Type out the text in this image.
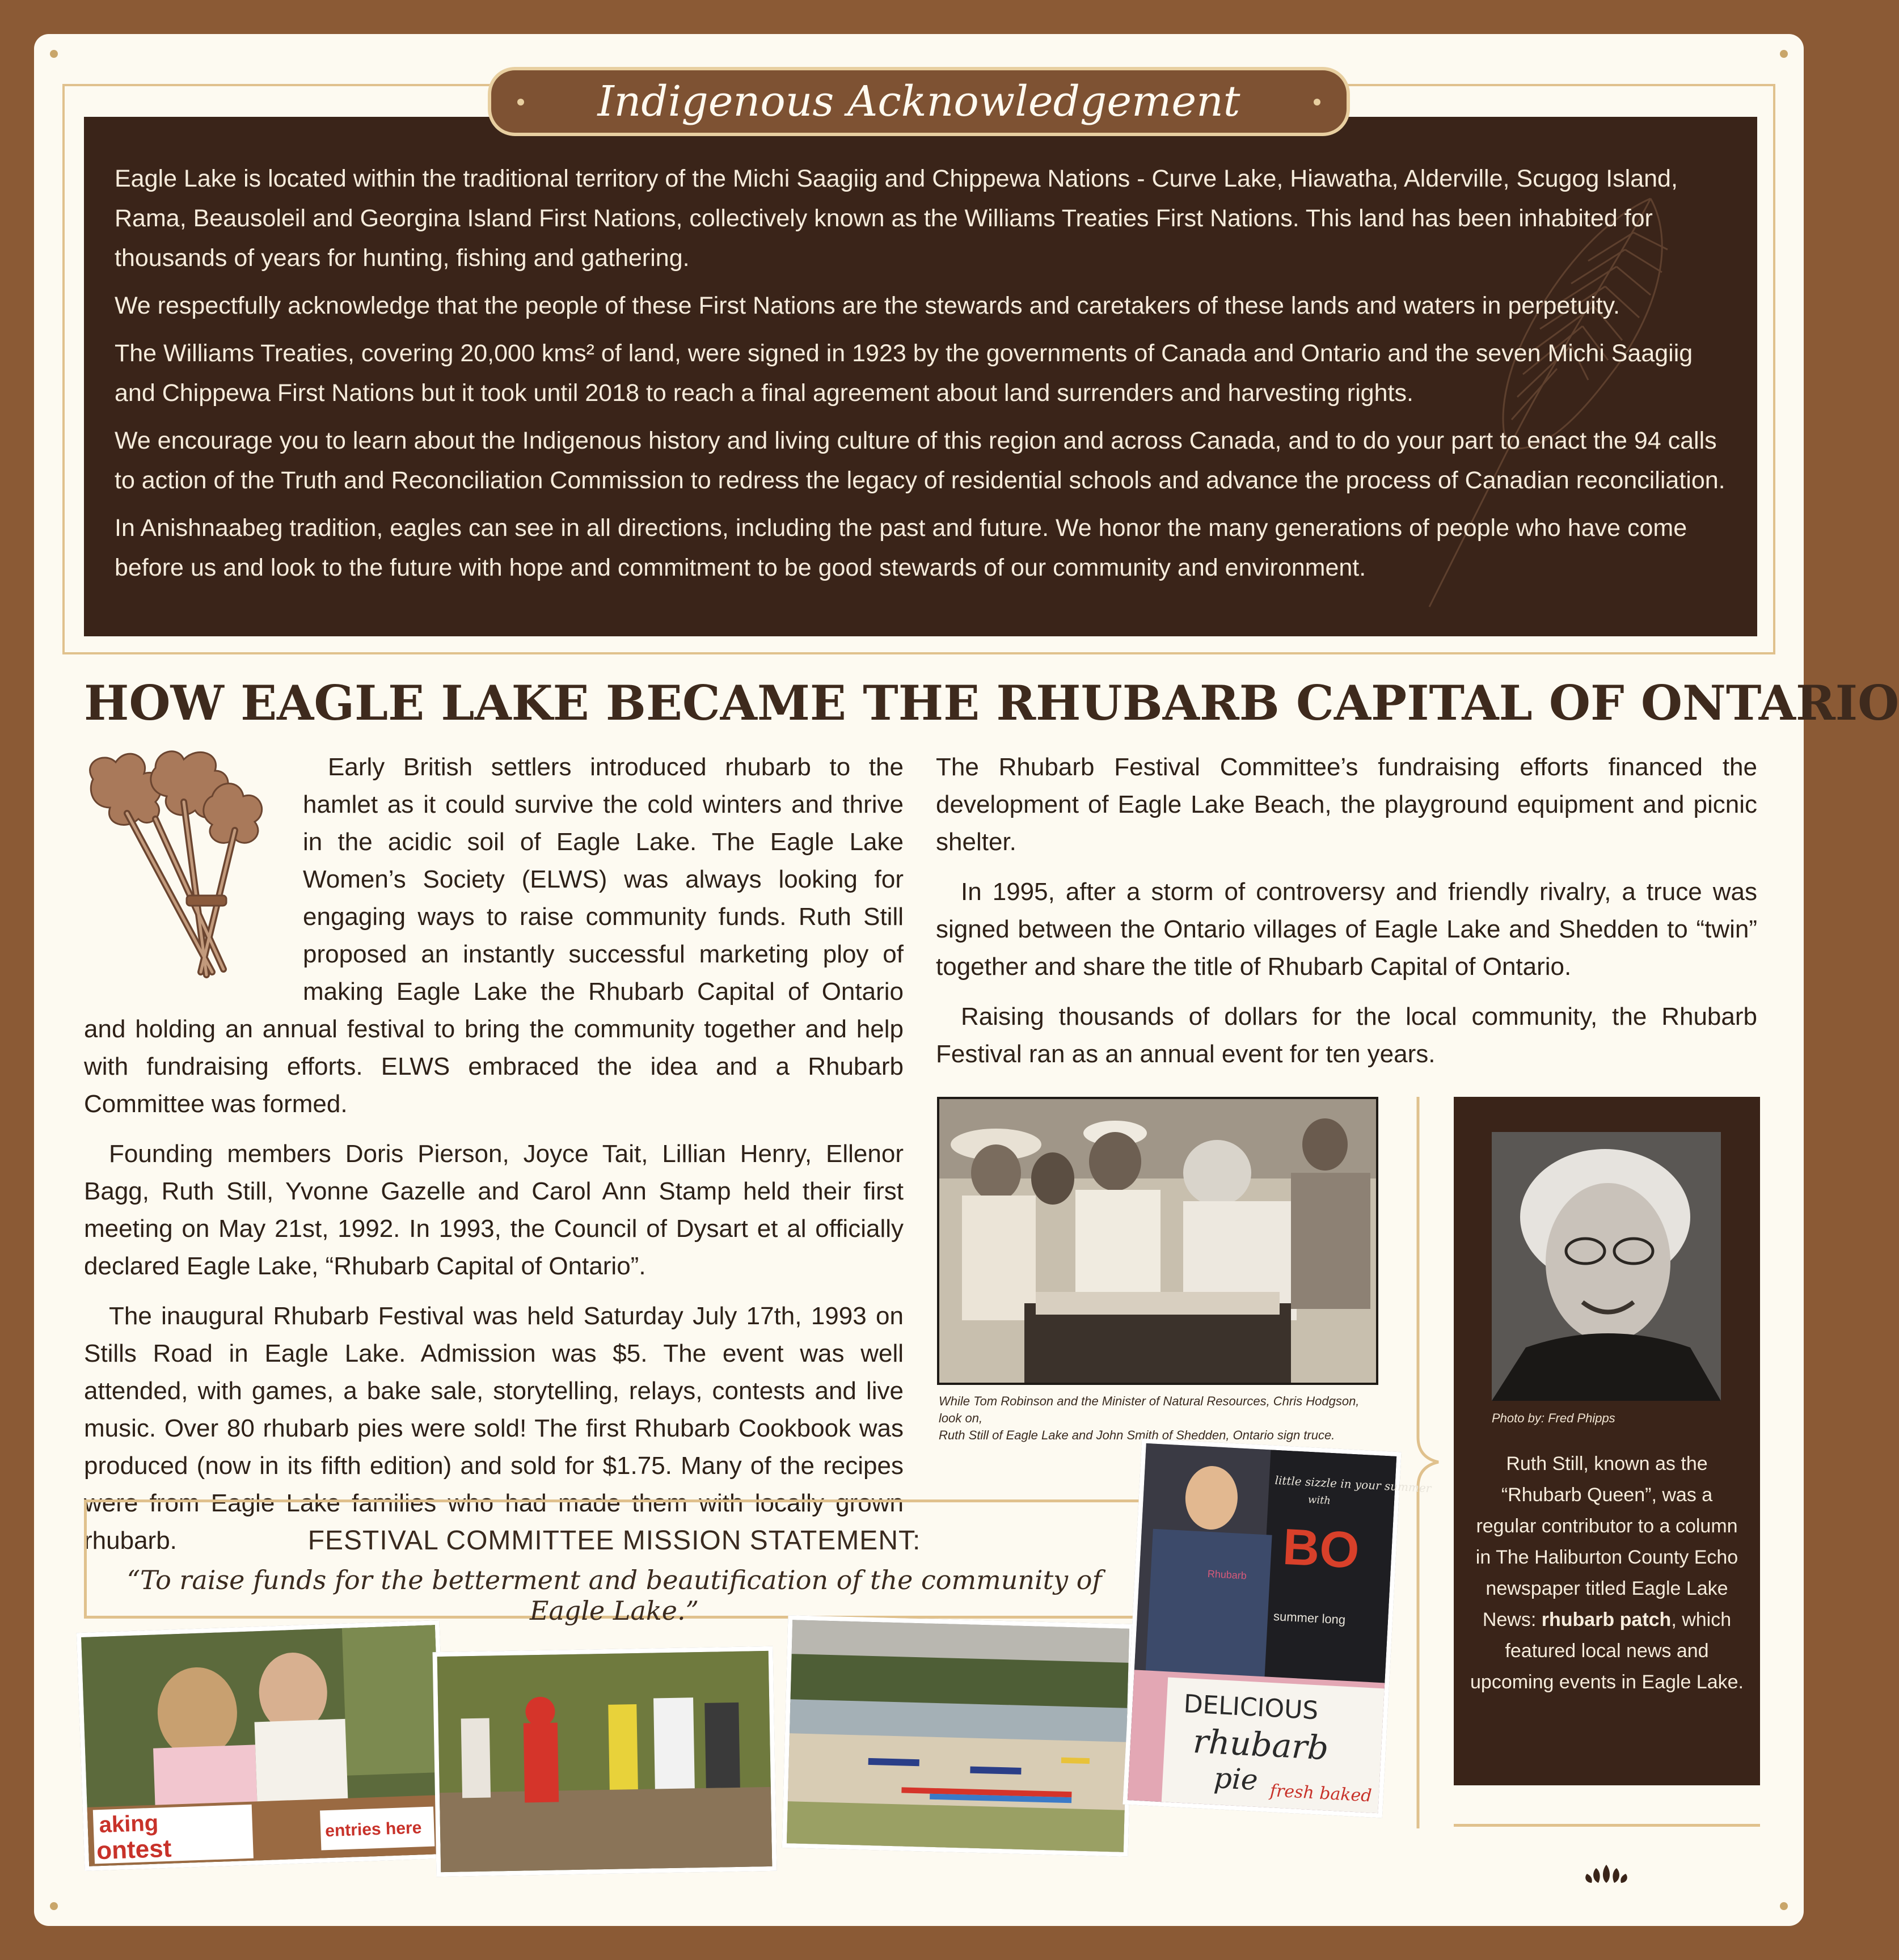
Indigenous Acknowledgement

Eagle Lake is located within the traditional territory of the Michi Saagiig and Chippewa Nations - Curve Lake, Hiawatha, Alderville, Scugog Island, Rama, Beausoleil and Georgina Island First Nations, collectively known as the Williams Treaties First Nations. This land has been inhabited for thousands of years for hunting, fishing and gathering.

We respectfully acknowledge that the people of these First Nations are the stewards and caretakers of these lands and waters in perpetuity.

The Williams Treaties, covering 20,000 kms² of land, were signed in 1923 by the governments of Canada and Ontario and the seven Michi Saagiig and Chippewa First Nations but it took until 2018 to reach a final agreement about land surrenders and harvesting rights.

We encourage you to learn about the Indigenous history and living culture of this region and across Canada, and to do your part to enact the 94 calls to action of the Truth and Reconciliation Commission to redress the legacy of residential schools and advance the process of Canadian reconciliation.

In Anishnaabeg tradition, eagles can see in all directions, including the past and future. We honor the many generations of people who have come before us and look to the future with hope and commitment to be good stewards of our community and environment.

HOW EAGLE LAKE BECAME THE RHUBARB CAPITAL OF ONTARIO

Early British settlers introduced rhubarb to the hamlet as it could survive the cold winters and thrive in the acidic soil of Eagle Lake. The Eagle Lake Women’s Society (ELWS) was always looking for engaging ways to raise community funds. Ruth Still proposed an instantly successful marketing ploy of making Eagle Lake the Rhubarb Capital of Ontario and holding an annual festival to bring the community together and help with fundraising efforts. ELWS embraced the idea and a Rhubarb Committee was formed.

Founding members Doris Pierson, Joyce Tait, Lillian Henry, Ellenor Bagg, Ruth Still, Yvonne Gazelle and Carol Ann Stamp held their first meeting on May 21st, 1992. In 1993, the Council of Dysart et al officially declared Eagle Lake, “Rhubarb Capital of Ontario”.

The inaugural Rhubarb Festival was held Saturday July 17th, 1993 on Stills Road in Eagle Lake. Admission was $5. The event was well attended, with games, a bake sale, storytelling, relays, contests and live music. Over 80 rhubarb pies were sold! The first Rhubarb Cookbook was produced (now in its fifth edition) and sold for $1.75. Many of the recipes were from Eagle Lake families who had made them with locally grown rhubarb.

The Rhubarb Festival Committee’s fundraising efforts financed the development of Eagle Lake Beach, the playground equipment and picnic shelter.

In 1995, after a storm of controversy and friendly rivalry, a truce was signed between the Ontario villages of Eagle Lake and Shedden to “twin” together and share the title of Rhubarb Capital of Ontario.

Raising thousands of dollars for the local community, the Rhubarb Festival ran as an annual event for ten years.

While Tom Robinson and the Minister of Natural Resources, Chris Hodgson, look on,
Ruth Still of Eagle Lake and John Smith of Shedden, Ontario sign truce.
Photo by: Fred Phipps
Ruth Still, known as the “Rhubarb Queen”, was a regular contributor to a column in The Haliburton County Echo newspaper titled Eagle Lake News: rhubarb patch, which featured local news and upcoming events in Eagle Lake.
FESTIVAL COMMITTEE MISSION STATEMENT:
“To raise funds for the betterment and beautification of the community of Eagle Lake.”
aking
ontest
entries here
little sizzle in your summer
with
BO
summer long
Rhubarb
DELICIOUS
rhubarb
pie fresh baked
